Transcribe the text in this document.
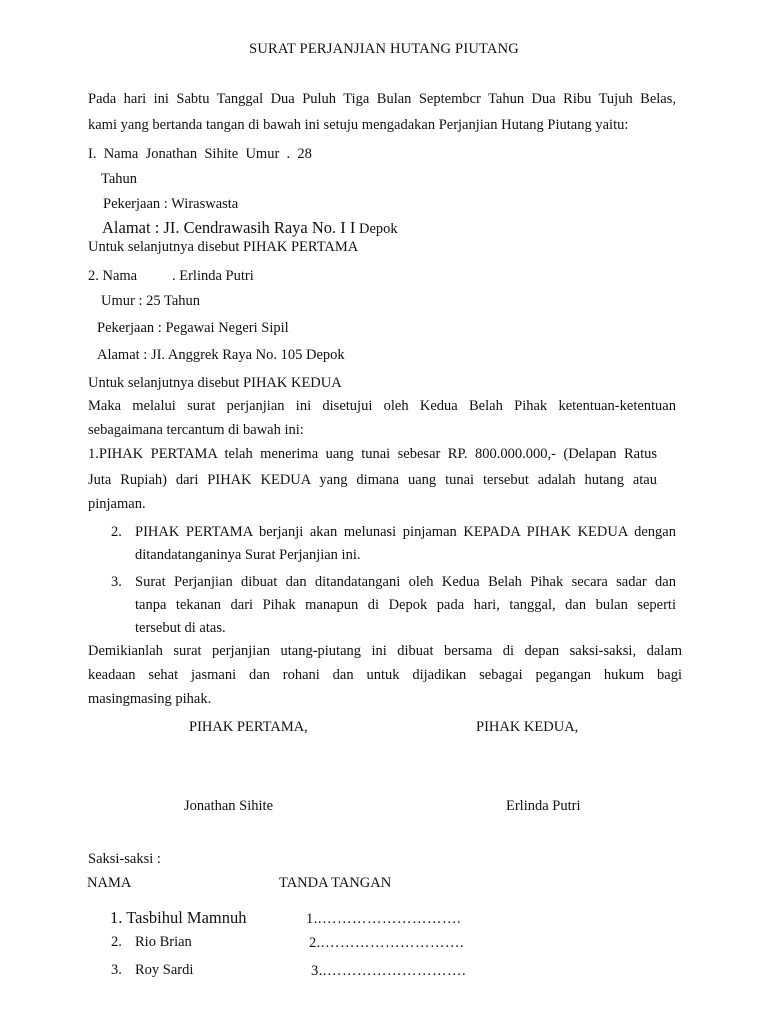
SURAT PERJANJIAN HUTANG PIUTANG
Pada hari ini Sabtu Tanggal Dua Puluh Tiga Bulan Septembcr Tahun Dua Ribu Tujuh Belas,
kami yang bertanda tangan di bawah ini setuju mengadakan Perjanjian Hutang Piutang yaitu:
I.  Nama  Jonathan  Sihite  Umur  .  28
Tahun
Pekerjaan : Wiraswasta
Alamat : JI. Cendrawasih Raya No. I I Depok
Untuk selanjutnya disebut PIHAK PERTAMA
2. Nama . Erlinda Putri
Umur : 25 Tahun
Pekerjaan : Pegawai Negeri Sipil
Alamat : JI. Anggrek Raya No. 105 Depok
Untuk selanjutnya disebut PIHAK KEDUA
Maka melalui surat perjanjian ini disetujui oleh Kedua Belah Pihak ketentuan-ketentuan
sebagaimana tercantum di bawah ini:
1.PIHAK PERTAMA telah menerima uang tunai sebesar RP. 800.000.000,- (Delapan Ratus
Juta Rupiah) dari PIHAK KEDUA yang dimana uang tunai tersebut adalah hutang atau
pinjaman.
2. PIHAK PERTAMA berjanji akan melunasi pinjaman KEPADA PIHAK KEDUA dengan
ditandatanganinya Surat Perjanjian ini.
3. Surat Perjanjian dibuat dan ditandatangani oleh Kedua Belah Pihak secara sadar dan
tanpa tekanan dari Pihak manapun di Depok pada hari, tanggal, dan bulan seperti
tersebut di atas.
Demikianlah surat perjanjian utang-piutang ini dibuat bersama di depan saksi-saksi, dalam
keadaan sehat jasmani dan rohani dan untuk dijadikan sebagai pegangan hukum bagi
masingmasing pihak.
PIHAK PERTAMA,	PIHAK KEDUA,
Jonathan Sihite	Erlinda Putri
Saksi-saksi :
NAMA	TANDA TANGAN
1. Tasbihul Mamnuh	1..……………………….
2. Rio Brian	2..……………………….
3. Roy Sardi	3..……………………….
